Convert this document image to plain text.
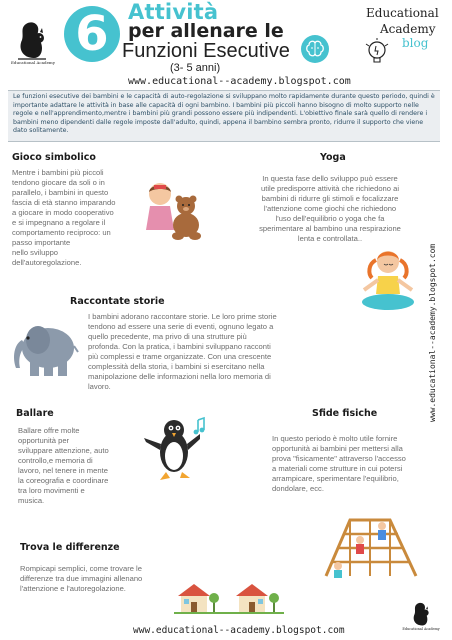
Educational Academy
6 Attività
per allenare le
Funzioni Esecutive
(3- 5 anni)
Educational
Academy
blog
www.educational--academy.blogspot.com
Le funzioni esecutive dei bambini e le capacità di auto-regolazione si sviluppano molto rapidamente durante questo periodo, quindi è importante adattare le attività in base alle capacità di ogni bambino. I bambini più piccoli hanno bisogno di molto supporto nelle regole e nell'apprendimento,mentre i bambini più grandi possono essere più indipendenti. L'obiettivo finale sarà quello di rendere i bambini meno dipendenti dalle regole imposte dall'adulto, quindi, appena il bambino sembra pronto, ridurre il supporto che viene dato solitamente.
Gioco simbolico
Mentre i bambini più piccoli
tendono giocare da soli o in
parallelo, i bambini in questo
fascia di età stanno imparando
a giocare in modo cooperativo
e si impegnano a regolare il
comportamento reciproco: un
passo importante
nello sviluppo
dell'autoregolazione.
Yoga
In questa fase dello sviluppo può essere
utile predisporre attività che richiedono ai
bambini di ridurre gli stimoli e focalizzare
l'attenzione come giochi che richiedono
l'uso dell'equilibrio o yoga che fa
sperimentare al bambino una respirazione
lenta e controllata..
Raccontate storie
I bambini adorano raccontare storie. Le loro prime storie
tendono ad essere una serie di eventi, ognuno legato a
quello precedente, ma privo di una strutture più
profonda. Con la pratica, i bambini sviluppano racconti
più complessi e trame organizzate. Con una crescente
complessità della storia, i bambini si esercitano nella
manipolazione delle informazioni nella loro memoria di
lavoro.
Ballare
Ballare offre molte
opportunità per
sviluppare attenzione, auto
controllo,e memoria di
lavoro, nel tenere in mente
la coreografia e coordinare
tra loro movimenti e
musica.
Sfide fisiche
In questo periodo è molto utile fornire
opportunità ai bambini per mettersi alla
prova "fisicamente" attraverso l'accesso
a materiali come strutture in cui potersi
arrampicare, sperimentare l'equilibrio,
dondolare, ecc.
Trova le differenze
Rompicapi semplici, come trovare le
differenze tra due immagini allenano
l'attenzione e l'autoregolazione.
www.educational--academy.blogspot.com
www.educational--academy.blogspot.com	Educational Academy
